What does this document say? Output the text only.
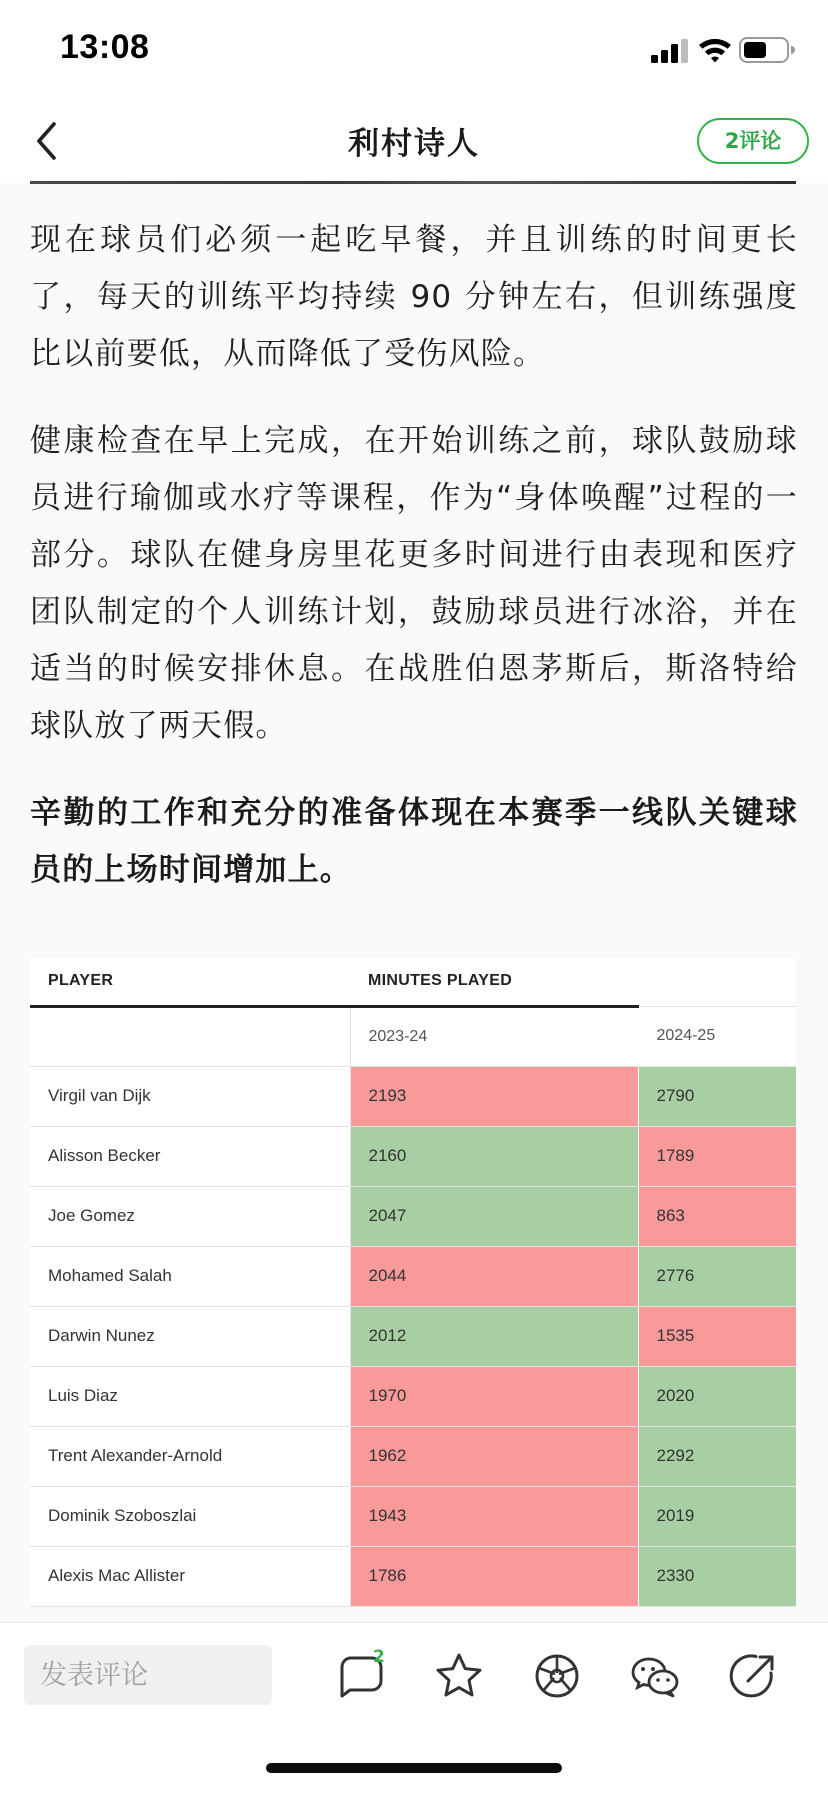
13:08
利村诗人	2评论

现在球员们必须一起吃早餐，并且训练的时间更长了，每天的训练平均持续 90 分钟左右，但训练强度比以前要低，从而降低了受伤风险。

健康检查在早上完成，在开始训练之前，球队鼓励球员进行瑜伽或水疗等课程，作为“身体唤醒”过程的一部分。球队在健身房里花更多时间进行由表现和医疗团队制定的个人训练计划，鼓励球员进行冰浴，并在适当的时候安排休息。在战胜伯恩茅斯后，斯洛特给球队放了两天假。

辛勤的工作和充分的准备体现在本赛季一线队关键球员的上场时间增加上。

PLAYER	MINUTES PLAYED	
	2023-24	2024-25
Virgil van Dijk	2193	2790
Alisson Becker	2160	1789
Joe Gomez	2047	863
Mohamed Salah	2044	2776
Darwin Nunez	2012	1535
Luis Diaz	1970	2020
Trent Alexander-Arnold	1962	2292
Dominik Szoboszlai	1943	2019
Alexis Mac Allister	1786	2330
发表评论
2
